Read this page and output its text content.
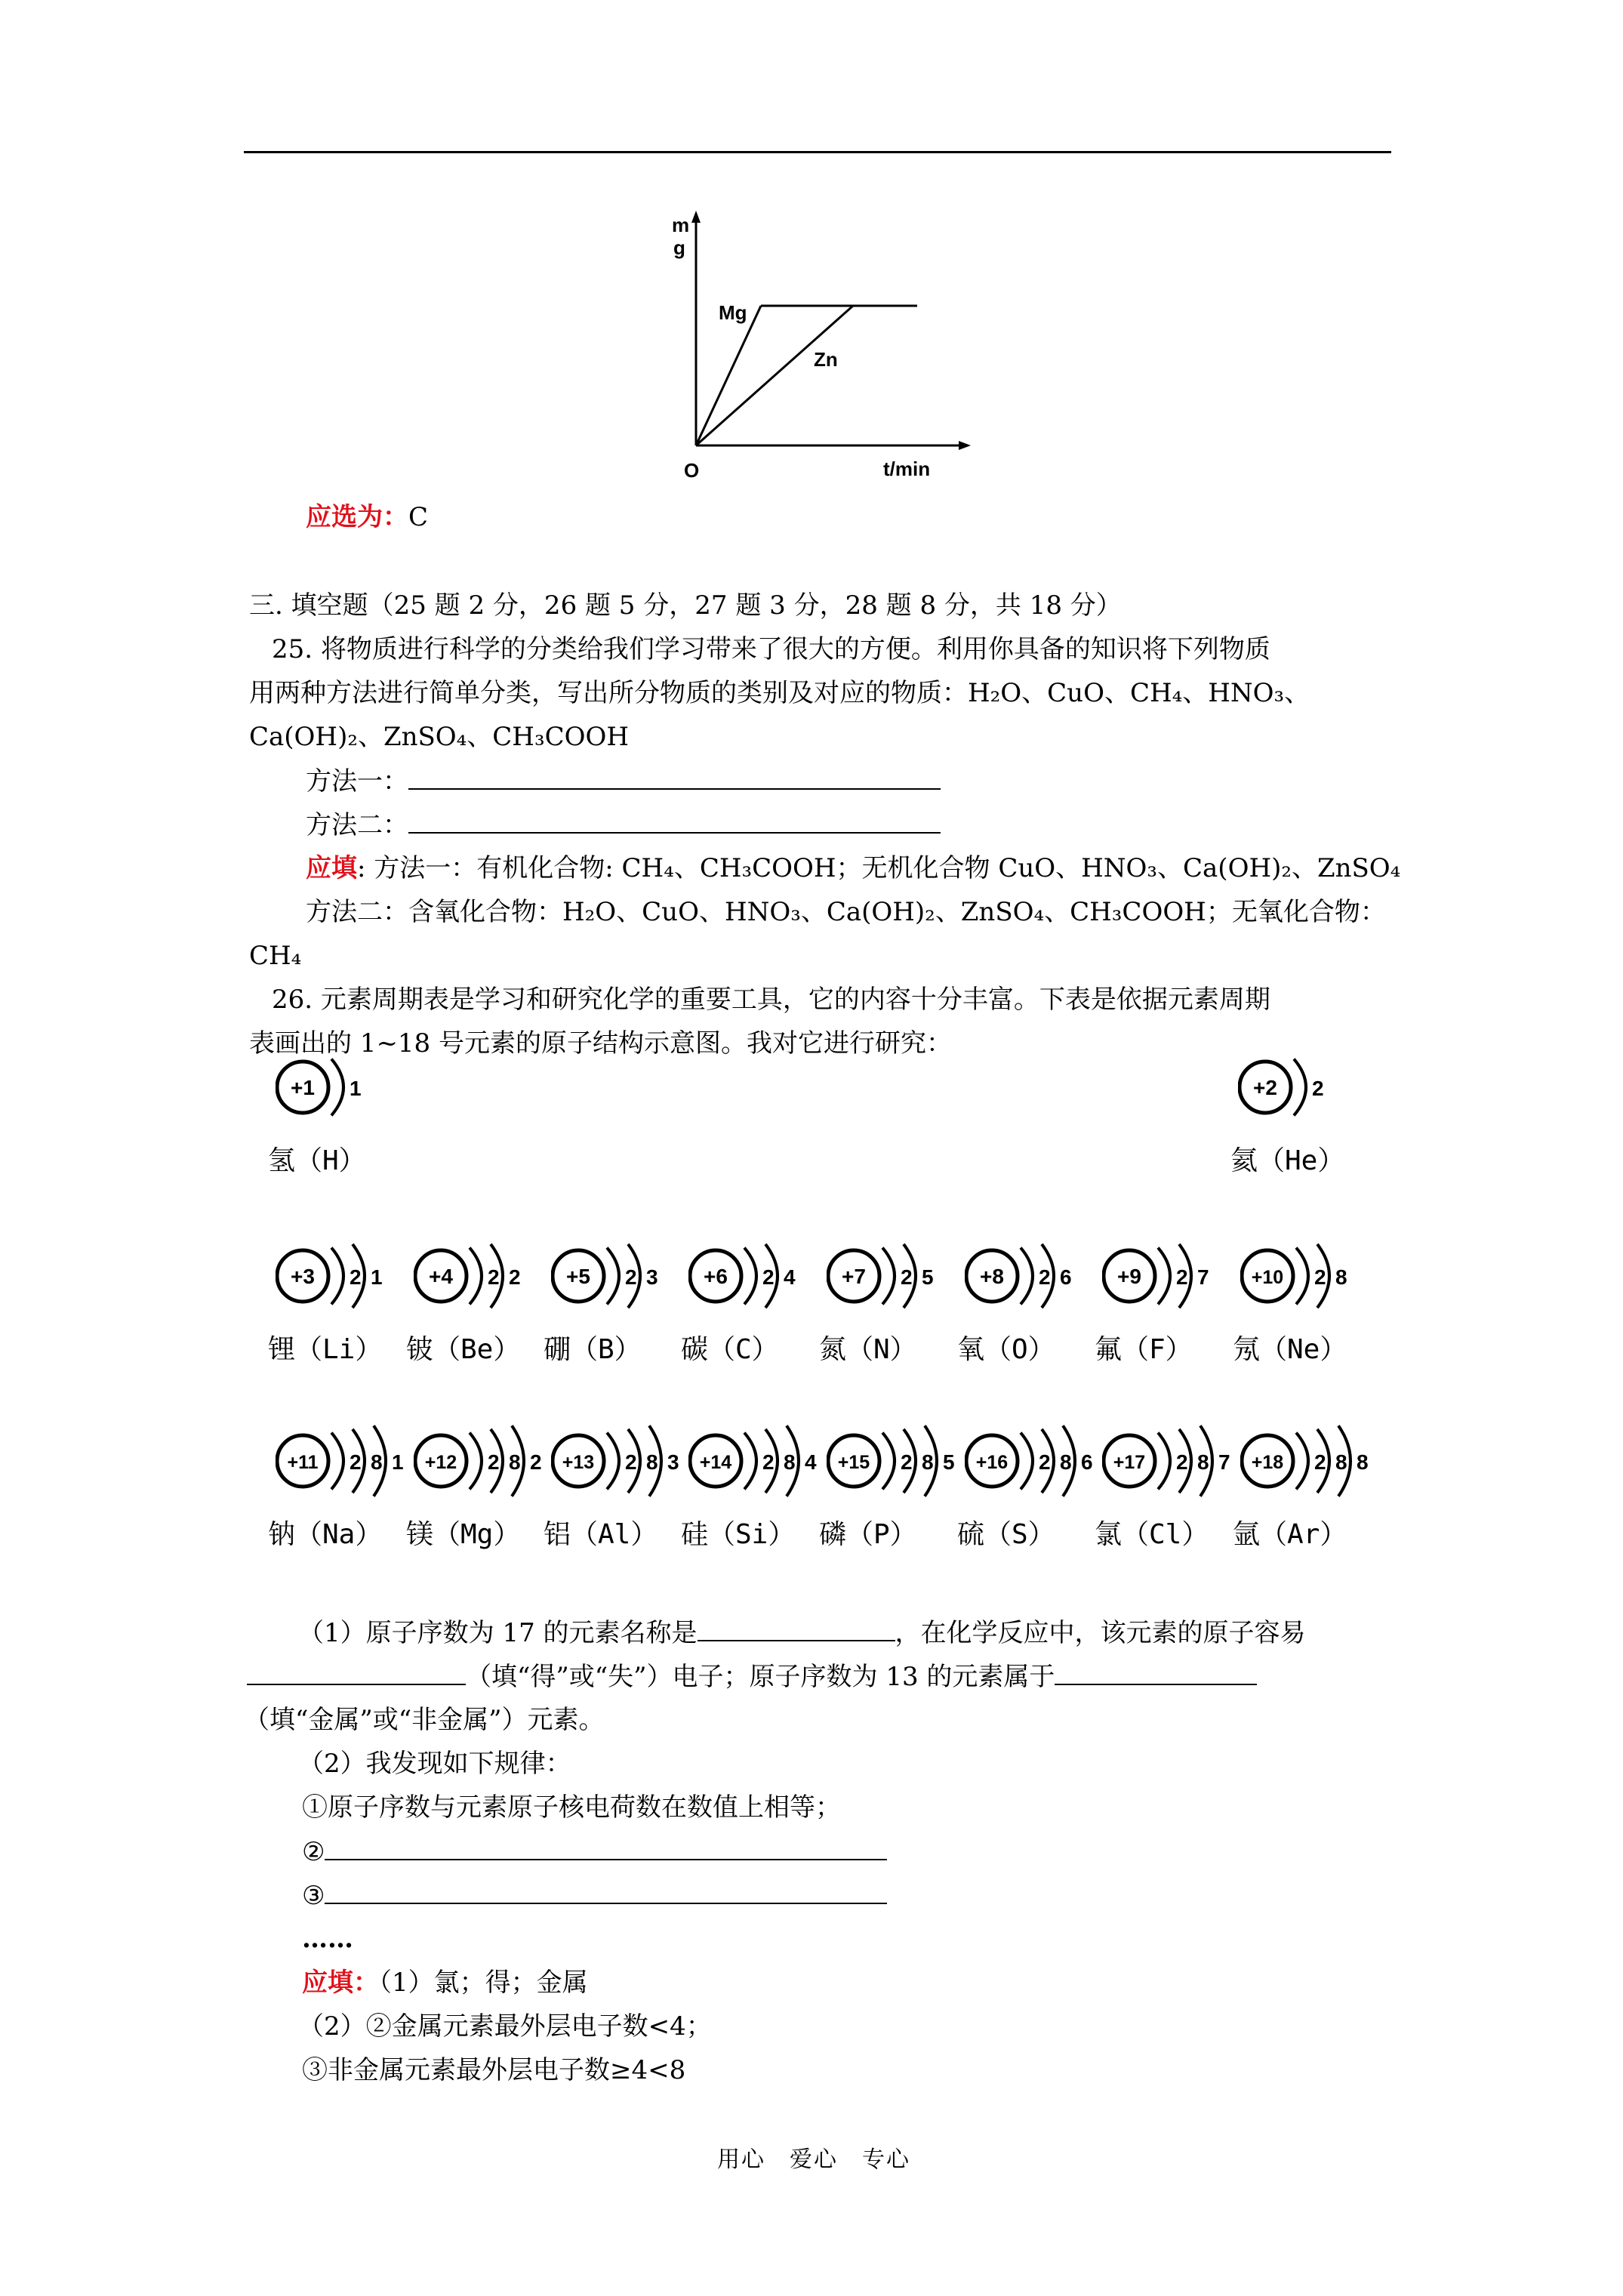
m
g
O	t/min
Mg
Zn
应选为：C
三. 填空题（25 题 2 分，26 题 5 分，27 题 3 分，28 题 8 分，共 18 分）
25. 将物质进行科学的分类给我们学习带来了很大的方便。利用你具备的知识将下列物质
用两种方法进行简单分类，写出所分物质的类别及对应的物质：H₂O、CuO、CH₄、HNO₃、
Ca(OH)₂、ZnSO₄、CH₃COOH
方法一：
方法二：
应填: 方法一：有机化合物: CH₄、CH₃COOH；无机化合物 CuO、HNO₃、Ca(OH)₂、ZnSO₄
方法二：含氧化合物：H₂O、CuO、HNO₃、Ca(OH)₂、ZnSO₄、CH₃COOH；无氧化合物：
CH₄
26. 元素周期表是学习和研究化学的重要工具，它的内容十分丰富。下表是依据元素周期
表画出的 1~18 号元素的原子结构示意图。我对它进行研究：
+1 1
氢（H）
+2 2
氦（He）
+3 2 1
锂（Li）
+4 2 2
铍（Be）
+5 2 3
硼（B）
+6 2 4
碳（C）
+7 2 5
氮（N）
+8 2 6
氧（O）
+9 2 7
氟（F）
+10 2 8
氖（Ne）
+11 2 8 1
钠（Na）
+12 2 8 2
镁（Mg）
+13 2 8 3
铝（Al）
+14 2 8 4
硅（Si）
+15 2 8 5
磷（P）
+16 2 8 6
硫（S）
+17 2 8 7
氯（Cl）
+18 2 8 8
氩（Ar）
（1）原子序数为 17 的元素名称是	，在化学反应中，该元素的原子容易
（填“得”或“失”）电子；原子序数为 13 的元素属于
（填“金属”或“非金属”）元素。
（2）我发现如下规律：
①原子序数与元素原子核电荷数在数值上相等；
②
③
……
应填：（1）氯；得；金属
（2）②金属元素最外层电子数<4；
③非金属元素最外层电子数≥4<8
用心　爱心　专心
